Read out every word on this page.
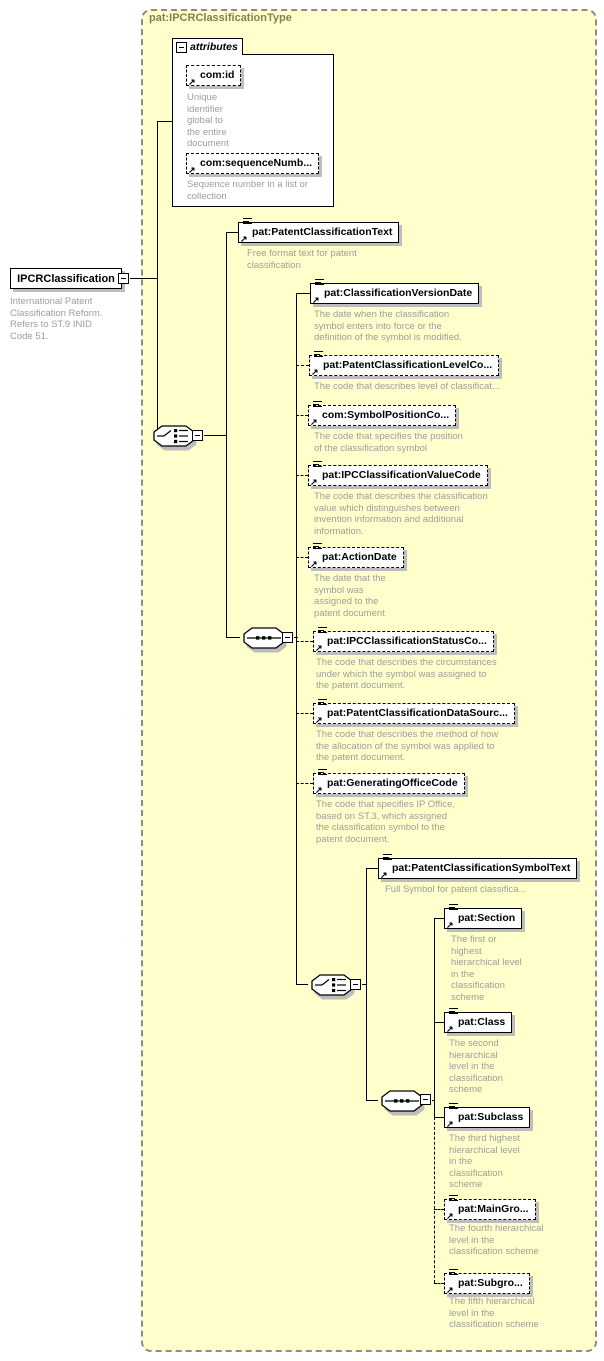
pat:IPCRClassificationType
attributes
↗
com:id
Unique
identifier
global to
the entire
document
↗
com:sequenceNumb...
Sequence number in a list or
collection
IPCRClassification
International Patent
Classification Reform.
Refers to ST.9 INID
Code 51.
↗
pat:PatentClassificationText
Free format text for patent
classification
↗
pat:ClassificationVersionDate
The date when the classification
symbol enters into force or the
definition of the symbol is modified.
↗
pat:PatentClassificationLevelCo...
The code that describes level of classificat...
↗
com:SymbolPositionCo...
The code that specifies the position
of the classification symbol
↗
pat:IPCClassificationValueCode
The code that describes the classification
value which distinguishes between
invention information and additional
information.
↗
pat:ActionDate
The date that the
symbol was
assigned to the
patent document
↗
pat:IPCClassificationStatusCo...
The code that describes the circumstances
under which the symbol was assigned to
the patent document.
↗
pat:PatentClassificationDataSourc...
The code that describes the method of how
the allocation of the symbol was applied to
the patent document.
↗
pat:GeneratingOfficeCode
The code that specifies IP Office,
based on ST.3, which assigned
the classification symbol to the
patent document.
↗
pat:PatentClassificationSymbolText
Full Symbol for patent classifica...
↗
pat:Section
The first or
highest
hierarchical level
in the
classification
scheme
↗
pat:Class
The second
hierarchical
level in the
classification
scheme
↗
pat:Subclass
The third highest
hierarchical level
in the
classification
scheme
↗
pat:MainGro...
The fourth hierarchical
level in the
classification scheme
↗
pat:Subgro...
The fifth hierarchical
level in the
classification scheme
